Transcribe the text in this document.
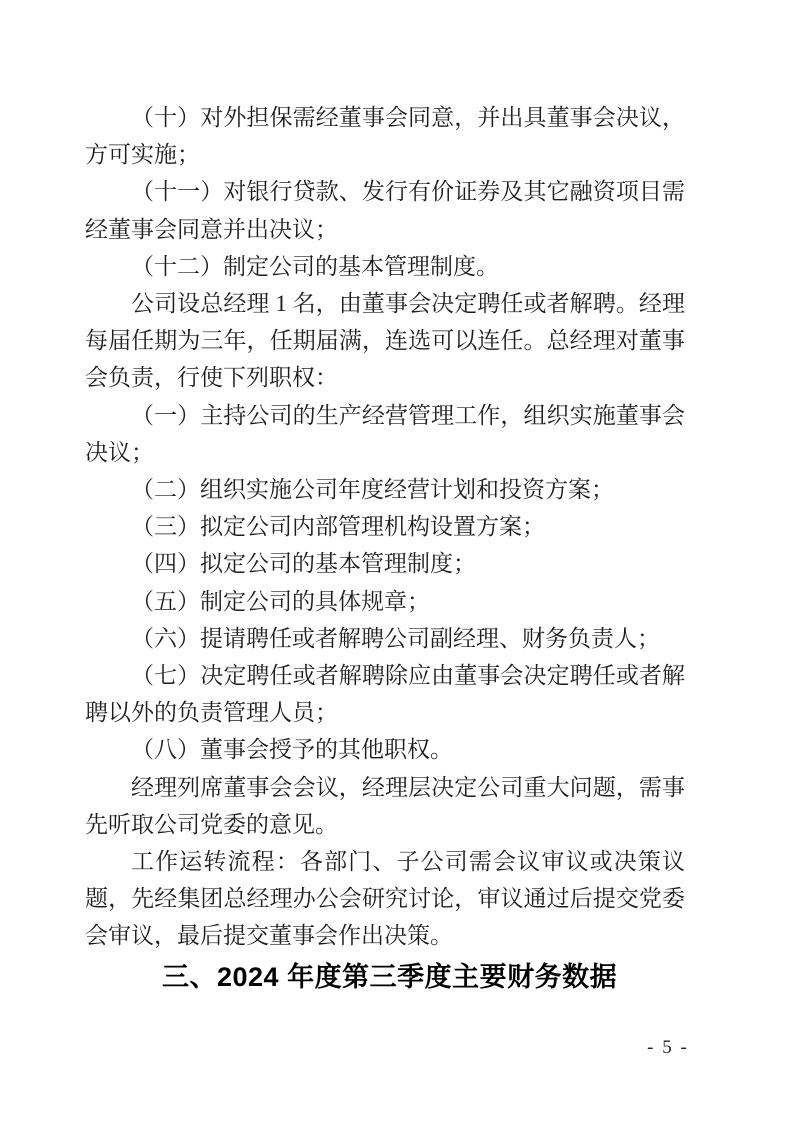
（十）对外担保需经董事会同意，并出具董事会决议，方可实施；

（十一）对银行贷款、发行有价证券及其它融资项目需经董事会同意并出决议；

（十二）制定公司的基本管理制度。

公司设总经理 1 名，由董事会决定聘任或者解聘。经理每届任期为三年，任期届满，连选可以连任。总经理对董事会负责，行使下列职权：

（一）主持公司的生产经营管理工作，组织实施董事会决议；

（二）组织实施公司年度经营计划和投资方案；

（三）拟定公司内部管理机构设置方案；

（四）拟定公司的基本管理制度；

（五）制定公司的具体规章；

（六）提请聘任或者解聘公司副经理、财务负责人；

（七）决定聘任或者解聘除应由董事会决定聘任或者解聘以外的负责管理人员；

（八）董事会授予的其他职权。

经理列席董事会会议，经理层决定公司重大问题，需事先听取公司党委的意见。

工作运转流程：各部门、子公司需会议审议或决策议题，先经集团总经理办公会研究讨论，审议通过后提交党委会审议，最后提交董事会作出决策。

三、2024 年度第三季度主要财务数据
- 5 -
